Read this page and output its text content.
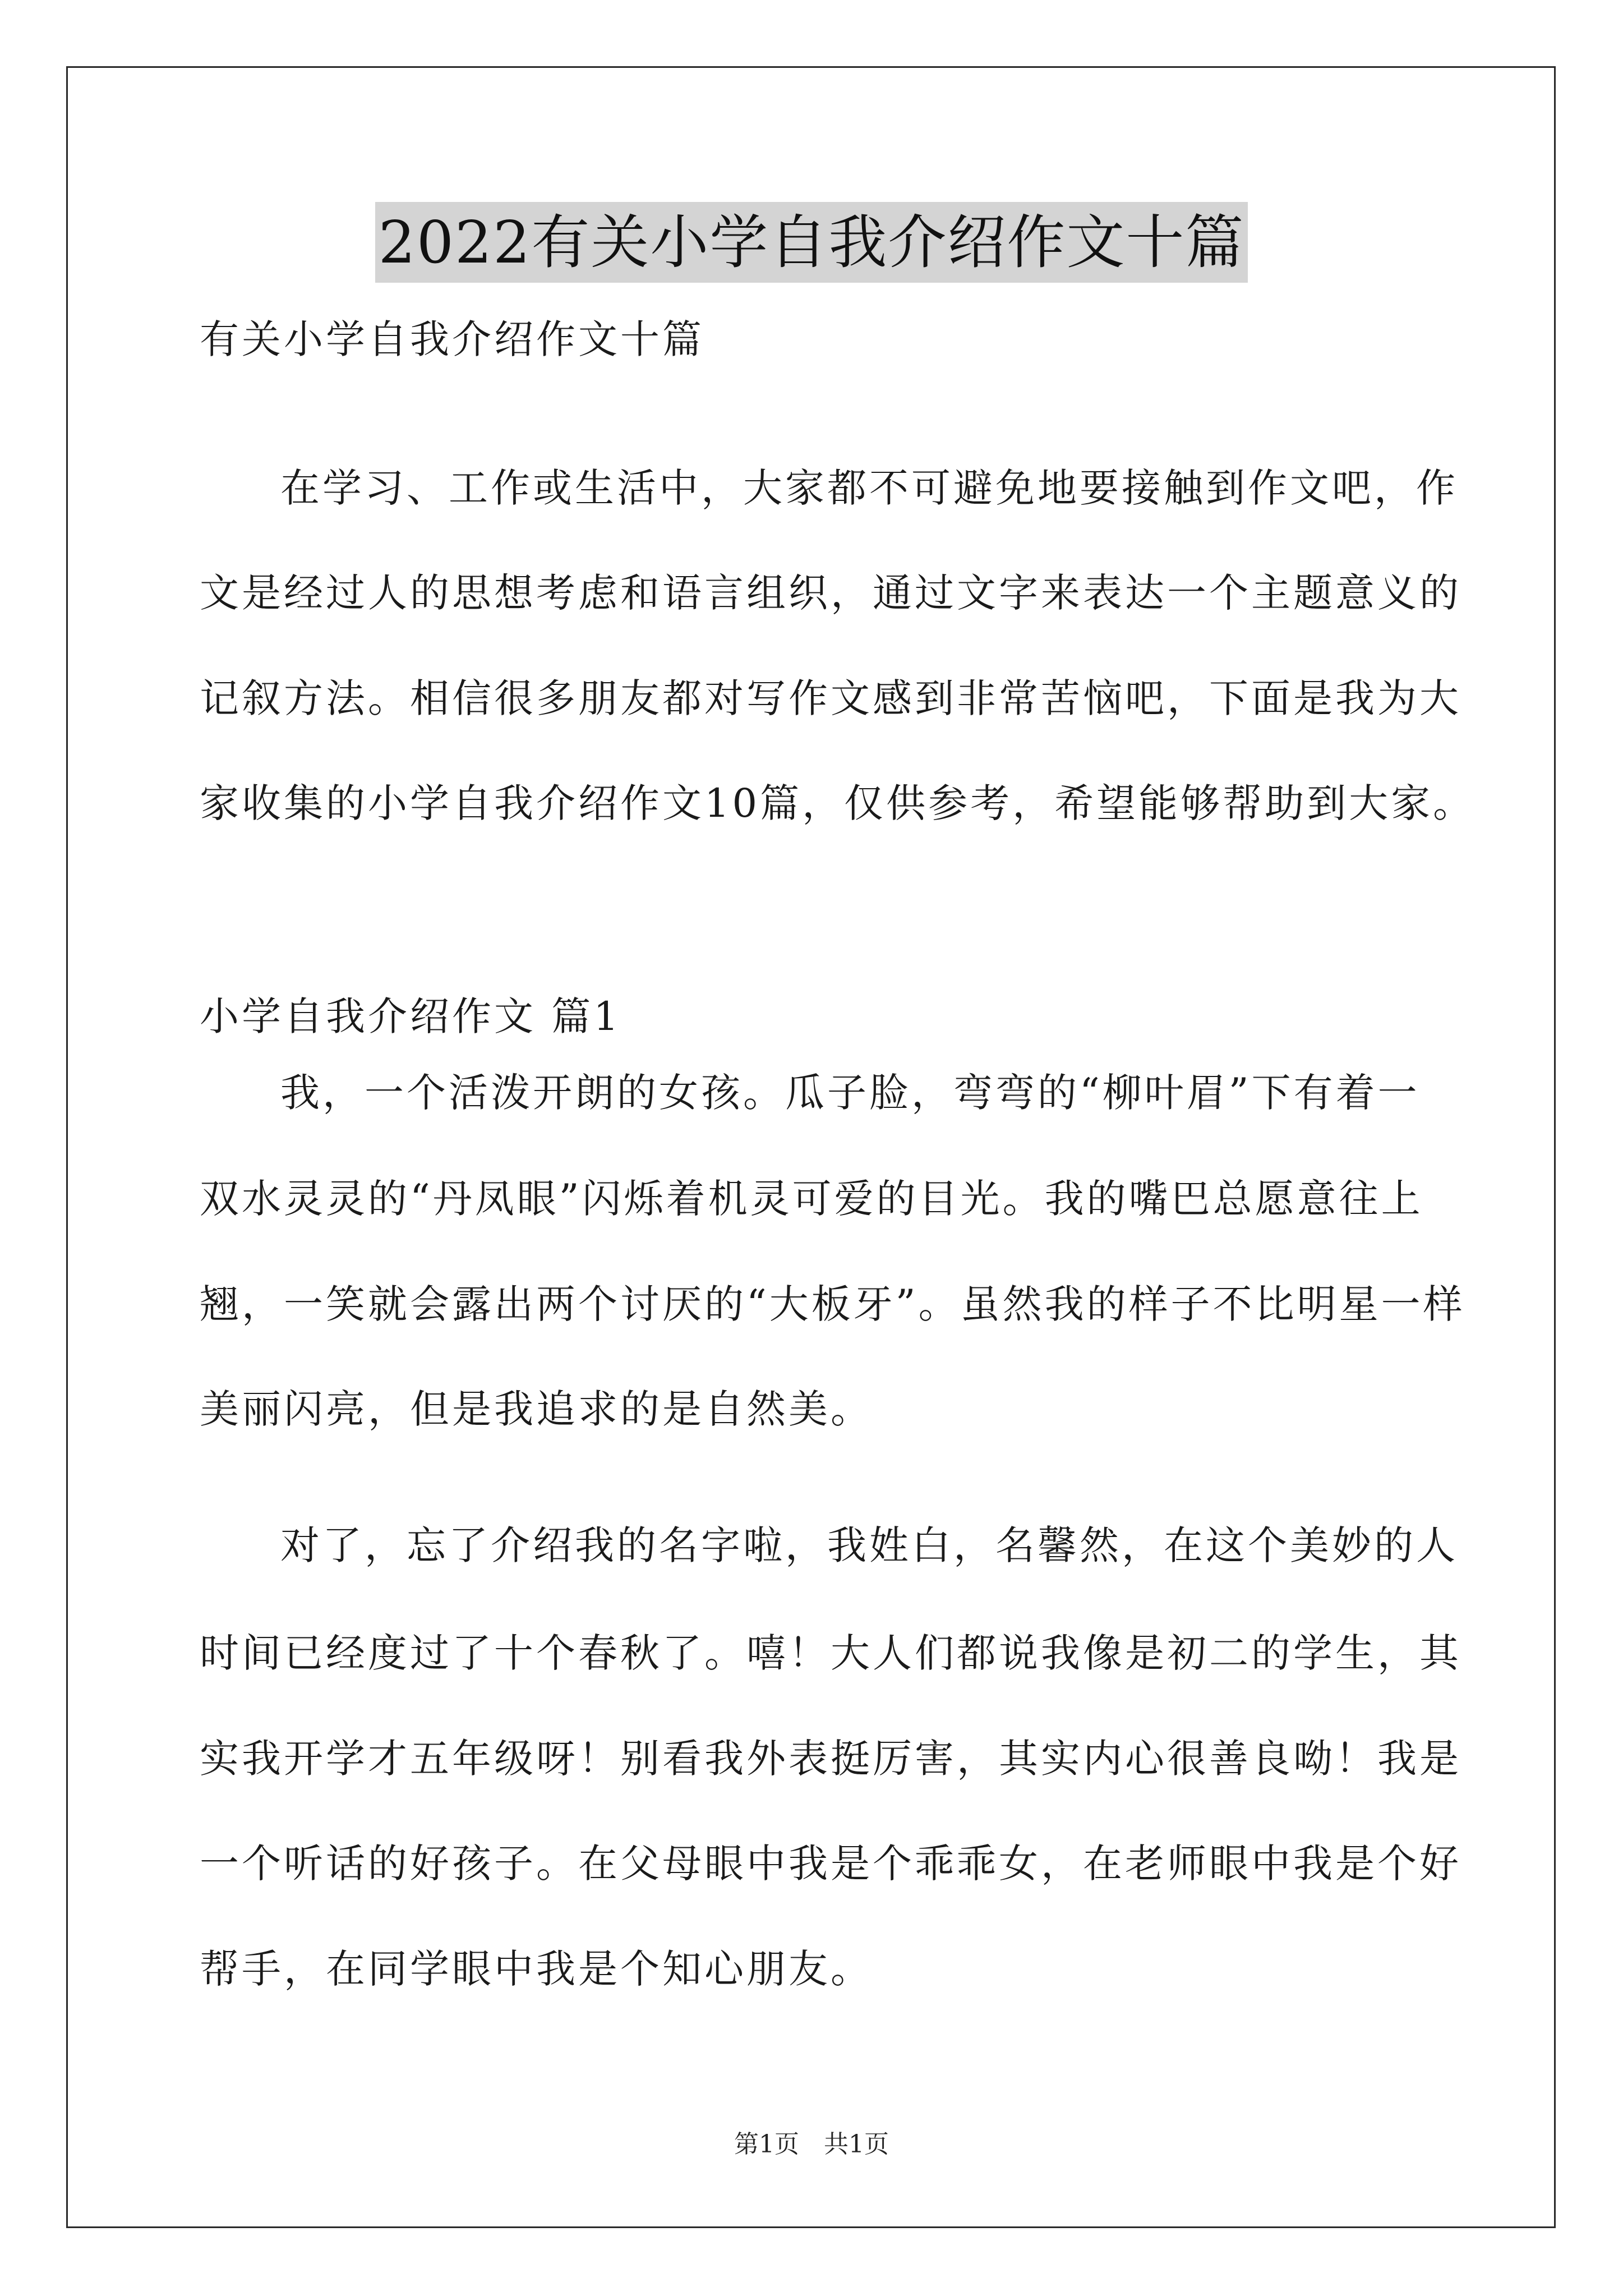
2022有关小学自我介绍作文十篇
有关小学自我介绍作文十篇
在学习、工作或生活中，大家都不可避免地要接触到作文吧，作
文是经过人的思想考虑和语言组织，通过文字来表达一个主题意义的
记叙方法。相信很多朋友都对写作文感到非常苦恼吧，下面是我为大
家收集的小学自我介绍作文10篇，仅供参考，希望能够帮助到大家。
小学自我介绍作文 篇1
我，一个活泼开朗的女孩。瓜子脸，弯弯的“柳叶眉”下有着一
双水灵灵的“丹凤眼”闪烁着机灵可爱的目光。我的嘴巴总愿意往上
翘，一笑就会露出两个讨厌的“大板牙”。虽然我的样子不比明星一样
美丽闪亮，但是我追求的是自然美。
对了，忘了介绍我的名字啦，我姓白，名馨然，在这个美妙的人
时间已经度过了十个春秋了。嘻！大人们都说我像是初二的学生，其
实我开学才五年级呀！别看我外表挺厉害，其实内心很善良呦！我是
一个听话的好孩子。在父母眼中我是个乖乖女，在老师眼中我是个好
帮手，在同学眼中我是个知心朋友。
第1页 共1页
